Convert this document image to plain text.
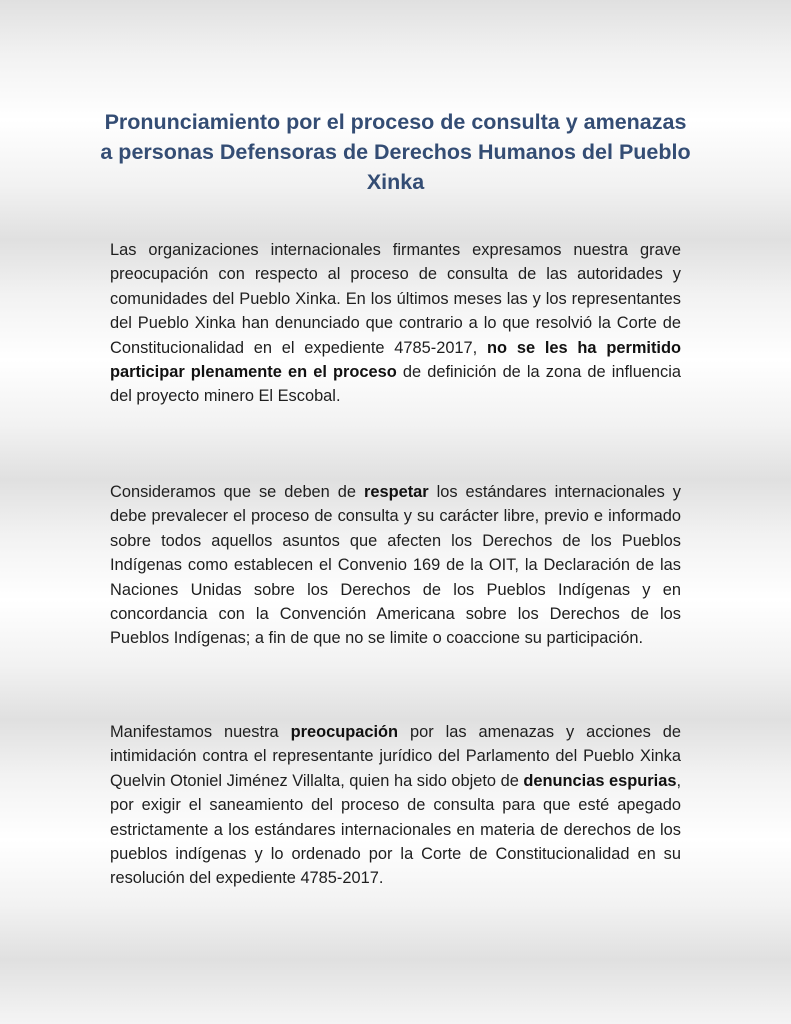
Pronunciamiento por el proceso de consulta y amenazas a personas Defensoras de Derechos Humanos del Pueblo Xinka

Las organizaciones internacionales firmantes expresamos nuestra grave preocupación con respecto al proceso de consulta de las autoridades y comunidades del Pueblo Xinka. En los últimos meses las y los representantes del Pueblo Xinka han denunciado que contrario a lo que resolvió la Corte de Constitucionalidad en el expediente 4785-2017, no se les ha permitido participar plenamente en el proceso de definición de la zona de influencia del proyecto minero El Escobal.

Consideramos que se deben de respetar los estándares internacionales y debe prevalecer el proceso de consulta y su carácter libre, previo e informado sobre todos aquellos asuntos que afecten los Derechos de los Pueblos Indígenas como establecen el Convenio 169 de la OIT, la Declaración de las Naciones Unidas sobre los Derechos de los Pueblos Indígenas y en concordancia con la Convención Americana sobre los Derechos de los Pueblos Indígenas; a fin de que no se limite o coaccione su participación.

Manifestamos nuestra preocupación por las amenazas y acciones de intimidación contra el representante jurídico del Parlamento del Pueblo Xinka Quelvin Otoniel Jiménez Villalta, quien ha sido objeto de denuncias espurias, por exigir el saneamiento del proceso de consulta para que esté apegado estrictamente a los estándares internacionales en materia de derechos de los pueblos indígenas y lo ordenado por la Corte de Constitucionalidad en su resolución del expediente 4785-2017.
